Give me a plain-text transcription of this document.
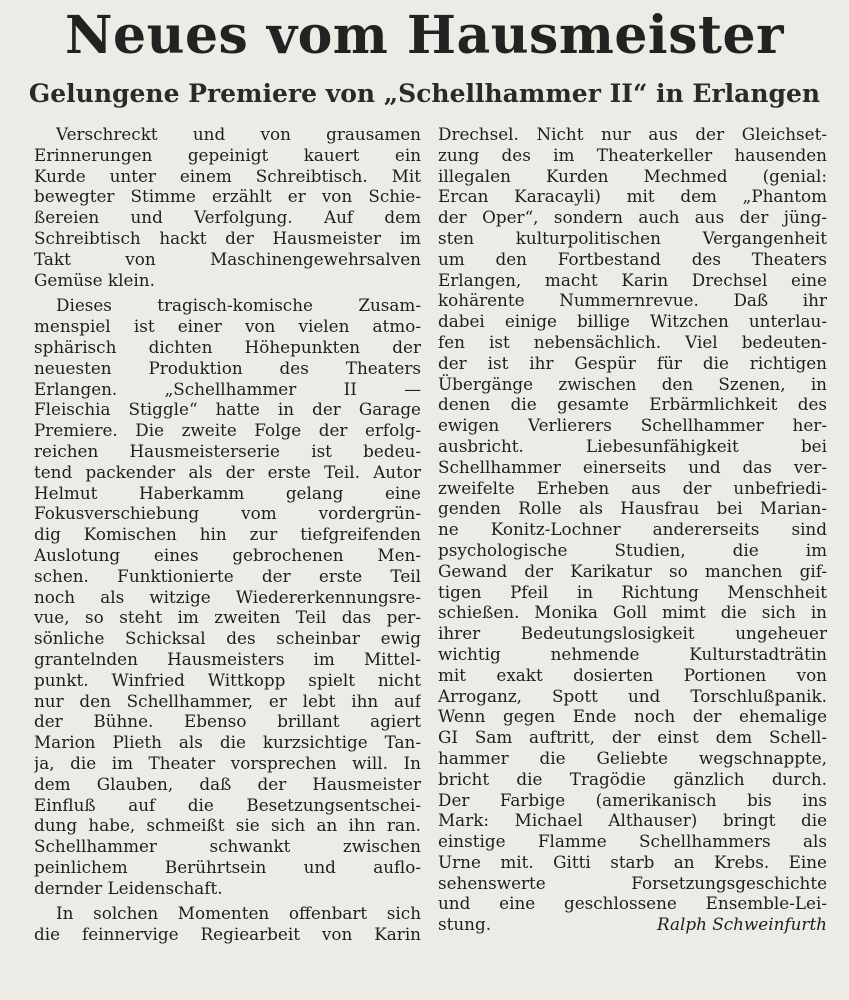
Neues vom Hausmeister
Gelungene Premiere von „Schellhammer II“ in Erlangen
Verschreckt und von grausamen
Erinnerungen gepeinigt kauert ein
Kurde unter einem Schreibtisch. Mit
bewegter Stimme erzählt er von Schie-
ßereien und Verfolgung. Auf dem
Schreibtisch hackt der Hausmeister im
Takt von Maschinengewehrsalven
Gemüse klein.
Dieses tragisch-komische Zusam-
menspiel ist einer von vielen atmo-
sphärisch dichten Höhepunkten der
neuesten Produktion des Theaters
Erlangen. „Schellhammer II —
Fleischia Stiggle“ hatte in der Garage
Premiere. Die zweite Folge der erfolg-
reichen Hausmeisterserie ist bedeu-
tend packender als der erste Teil. Autor
Helmut Haberkamm gelang eine
Fokusverschiebung vom vordergrün-
dig Komischen hin zur tiefgreifenden
Auslotung eines gebrochenen Men-
schen. Funktionierte der erste Teil
noch als witzige Wiedererkennungsre-
vue, so steht im zweiten Teil das per-
sönliche Schicksal des scheinbar ewig
grantelnden Hausmeisters im Mittel-
punkt. Winfried Wittkopp spielt nicht
nur den Schellhammer, er lebt ihn auf
der Bühne. Ebenso brillant agiert
Marion Plieth als die kurzsichtige Tan-
ja, die im Theater vorsprechen will. In
dem Glauben, daß der Hausmeister
Einfluß auf die Besetzungsentschei-
dung habe, schmeißt sie sich an ihn ran.
Schellhammer schwankt zwischen
peinlichem Berührtsein und auflo-
dernder Leidenschaft.
In solchen Momenten offenbart sich
die feinnervige Regiearbeit von Karin
Drechsel. Nicht nur aus der Gleichset-
zung des im Theaterkeller hausenden
illegalen Kurden Mechmed (genial:
Ercan Karacayli) mit dem „Phantom
der Oper“, sondern auch aus der jüng-
sten kulturpolitischen Vergangenheit
um den Fortbestand des Theaters
Erlangen, macht Karin Drechsel eine
kohärente Nummernrevue. Daß ihr
dabei einige billige Witzchen unterlau-
fen ist nebensächlich. Viel bedeuten-
der ist ihr Gespür für die richtigen
Übergänge zwischen den Szenen, in
denen die gesamte Erbärmlichkeit des
ewigen Verlierers Schellhammer her-
ausbricht. Liebesunfähigkeit bei
Schellhammer einerseits und das ver-
zweifelte Erheben aus der unbefriedi-
genden Rolle als Hausfrau bei Marian-
ne Konitz-Lochner andererseits sind
psychologische Studien, die im
Gewand der Karikatur so manchen gif-
tigen Pfeil in Richtung Menschheit
schießen. Monika Goll mimt die sich in
ihrer Bedeutungslosigkeit ungeheuer
wichtig nehmende Kulturstadträtin
mit exakt dosierten Portionen von
Arroganz, Spott und Torschlußpanik.
Wenn gegen Ende noch der ehemalige
GI Sam auftritt, der einst dem Schell-
hammer die Geliebte wegschnappte,
bricht die Tragödie gänzlich durch.
Der Farbige (amerikanisch bis ins
Mark: Michael Althauser) bringt die
einstige Flamme Schellhammers als
Urne mit. Gitti starb an Krebs. Eine
sehenswerte Forsetzungsgeschichte
und eine geschlossene Ensemble-Lei-
stung.	Ralph Schweinfurth
